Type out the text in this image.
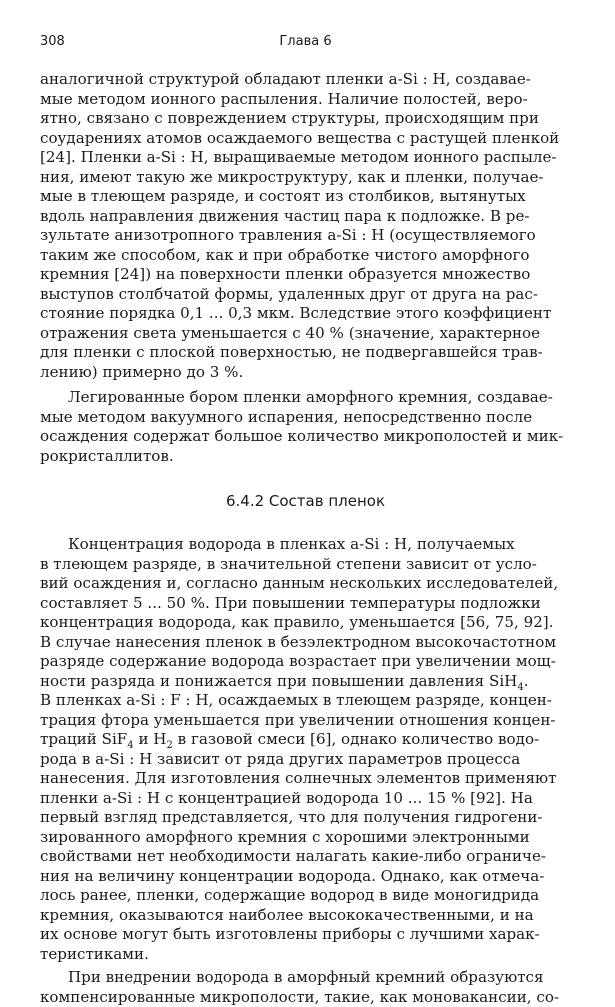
308	Глава 6

аналогичной структурой обладают пленки a-Si : H, создавае-
мые методом ионного распыления. Наличие полостей, веро-
ятно, связано с повреждением структуры, происходящим при
соударениях атомов осаждаемого вещества с растущей пленкой
[24]. Пленки a-Si : H, выращиваемые методом ионного распыле-
ния, имеют такую же микроструктуру, как и пленки, получае-
мые в тлеющем разряде, и состоят из столбиков, вытянутых
вдоль направления движения частиц пара к подложке. В ре-
зультате анизотропного травления a-Si : H (осуществляемого
таким же способом, как и при обработке чистого аморфного
кремния [24]) на поверхности пленки образуется множество
выступов столбчатой формы, удаленных друг от друга на рас-
стояние порядка 0,1 ... 0,3 мкм. Вследствие этого коэффициент
отражения света уменьшается с 40 % (значение, характерное
для пленки с плоской поверхностью, не подвергавшейся трав-
лению) примерно до 3 %.

Легированные бором пленки аморфного кремния, создавае-
мые методом вакуумного испарения, непосредственно после
осаждения содержат большое количество микрополостей и мик-
рокристаллитов.

6.4.2 Состав пленок

Концентрация водорода в пленках a-Si : H, получаемых
в тлеющем разряде, в значительной степени зависит от усло-
вий осаждения и, согласно данным нескольких исследователей,
составляет 5 ... 50 %. При повышении температуры подложки
концентрация водорода, как правило, уменьшается [56, 75, 92].
В случае нанесения пленок в безэлектродном высокочастотном
разряде содержание водорода возрастает при увеличении мощ-
ности разряда и понижается при повышении давления SiH$_4$.
В пленках a-Si : F : H, осаждаемых в тлеющем разряде, концен-
трация фтора уменьшается при увеличении отношения концен-
траций SiF$_4$ и $H_2$ в газовой смеси [6], однако количество водо-
рода в a-Si : H зависит от ряда других параметров процесса
нанесения. Для изготовления солнечных элементов применяют
пленки a-Si : H с концентрацией водорода 10 ... 15 % [92]. На
первый взгляд представляется, что для получения гидрогени-
зированного аморфного кремния с хорошими электронными
свойствами нет необходимости налагать какие-либо ограниче-
ния на величину концентрации водорода. Однако, как отмеча-
лось ранее, пленки, содержащие водород в виде моногидрида
кремния, оказываются наиболее высококачественными, и на
их основе могут быть изготовлены приборы с лучшими харак-
теристиками.

При внедрении водорода в аморфный кремний образуются
компенсированные микрополости, такие, как моновакансии, со-
